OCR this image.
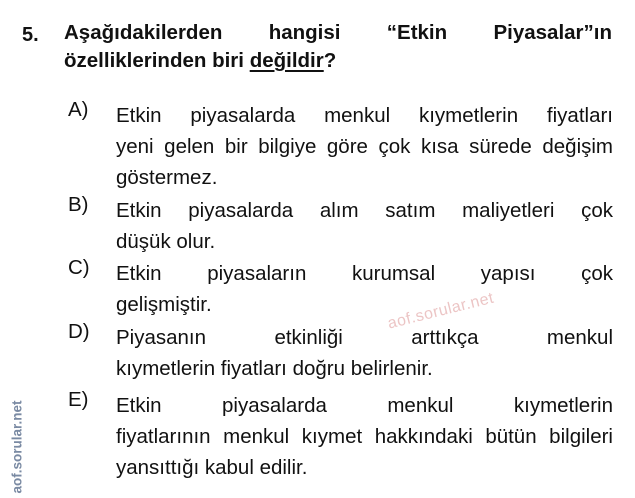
5. Aşağıdakilerden hangisi “Etkin Piyasalar”ın özelliklerinden biri değildir?
A)	Etkin piyasalarda menkul kıymetlerin fiyatları
yeni gelen bir bilgiye göre çok kısa sürede değişim göstermez.
B)	Etkin piyasalarda alım satım maliyetleri çok
düşük olur.
C)	Etkin piyasaların kurumsal yapısı çok
gelişmiştir.
D)	Piyasanın etkinliği arttıkça menkul
kıymetlerin fiyatları doğru belirlenir.
E)	Etkin piyasalarda menkul kıymetlerin
fiyatlarının menkul kıymet hakkındaki bütün bilgileri yansıttığı kabul edilir.
aof.sorular.net
aof.sorular.net
